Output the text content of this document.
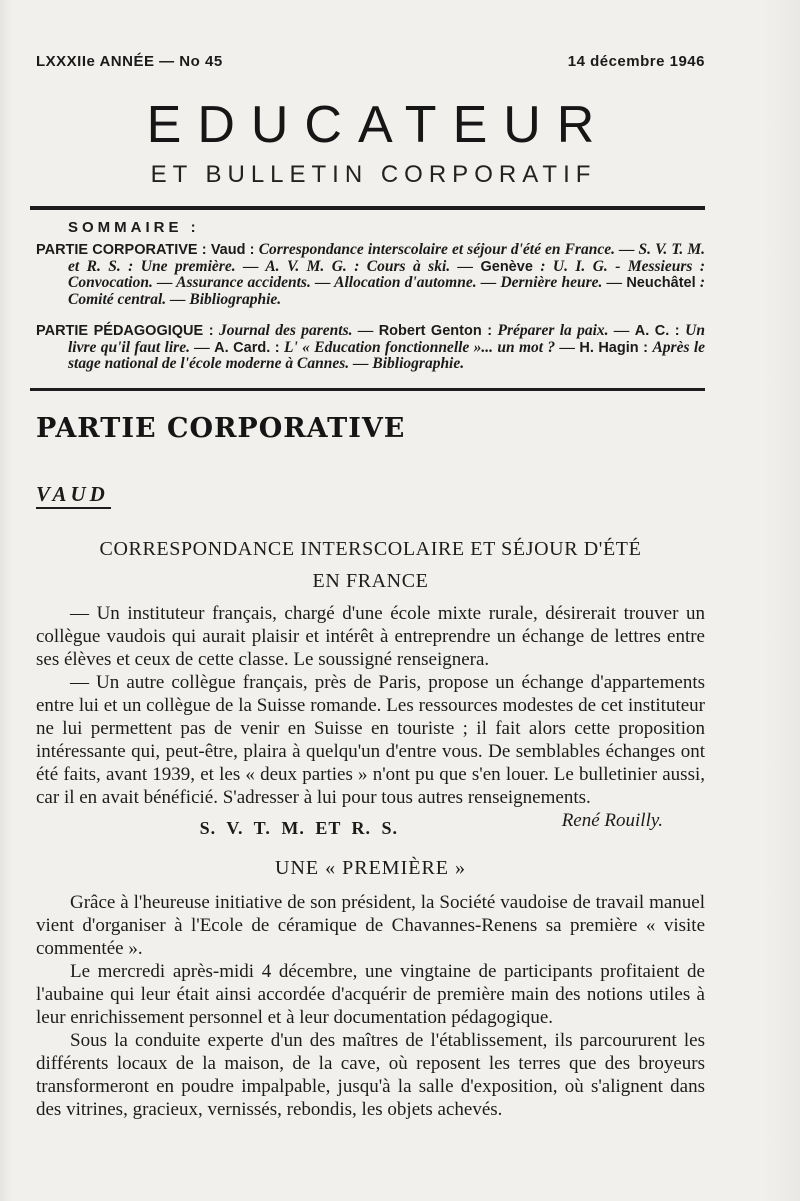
LXXXIIe ANNÉE — No 45	14 décembre 1946
EDUCATEUR
ET BULLETIN CORPORATIF
SOMMAIRE :

PARTIE CORPORATIVE : Vaud : Correspondance interscolaire et séjour d'été en France. — S. V. T. M. et R. S. : Une première. — A. V. M. G. : Cours à ski. — Genève : U. I. G. - Messieurs : Convocation. — Assurance accidents. — Allocation d'automne. — Dernière heure. — Neuchâtel : Comité central. — Bibliographie.

PARTIE PÉDAGOGIQUE : Journal des parents. — Robert Genton : Préparer la paix. — A. C. : Un livre qu'il faut lire. — A. Card. : L' « Education fonctionnelle »... un mot ? — H. Hagin : Après le stage national de l'école moderne à Cannes. — Bibliographie.

PARTIE CORPORATIVE
VAUD
CORRESPONDANCE INTERSCOLAIRE ET SÉJOUR D'ÉTÉ
EN FRANCE

— Un instituteur français, chargé d'une école mixte rurale, désirerait trouver un collègue vaudois qui aurait plaisir et intérêt à entreprendre un échange de lettres entre ses élèves et ceux de cette classe. Le soussigné renseignera.

— Un autre collègue français, près de Paris, propose un échange d'appartements entre lui et un collègue de la Suisse romande. Les ressources modestes de cet instituteur ne lui permettent pas de venir en Suisse en touriste ; il fait alors cette proposition intéressante qui, peut-être, plaira à quelqu'un d'entre vous. De semblables échanges ont été faits, avant 1939, et les « deux parties » n'ont pu que s'en louer. Le bulletinier aussi, car il en avait bénéficié. S'adresser à lui pour tous autres renseignements.
René Rouilly.

S. V. T. M. ET R. S.
UNE « PREMIÈRE »

Grâce à l'heureuse initiative de son président, la Société vaudoise de travail manuel vient d'organiser à l'Ecole de céramique de Chavannes-Renens sa première « visite commentée ».

Le mercredi après-midi 4 décembre, une vingtaine de participants profitaient de l'aubaine qui leur était ainsi accordée d'acquérir de première main des notions utiles à leur enrichissement personnel et à leur documentation pédagogique.

Sous la conduite experte d'un des maîtres de l'établissement, ils parcoururent les différents locaux de la maison, de la cave, où reposent les terres que des broyeurs transformeront en poudre impalpable, jusqu'à la salle d'exposition, où s'alignent dans des vitrines, gracieux, vernissés, rebondis, les objets achevés.
